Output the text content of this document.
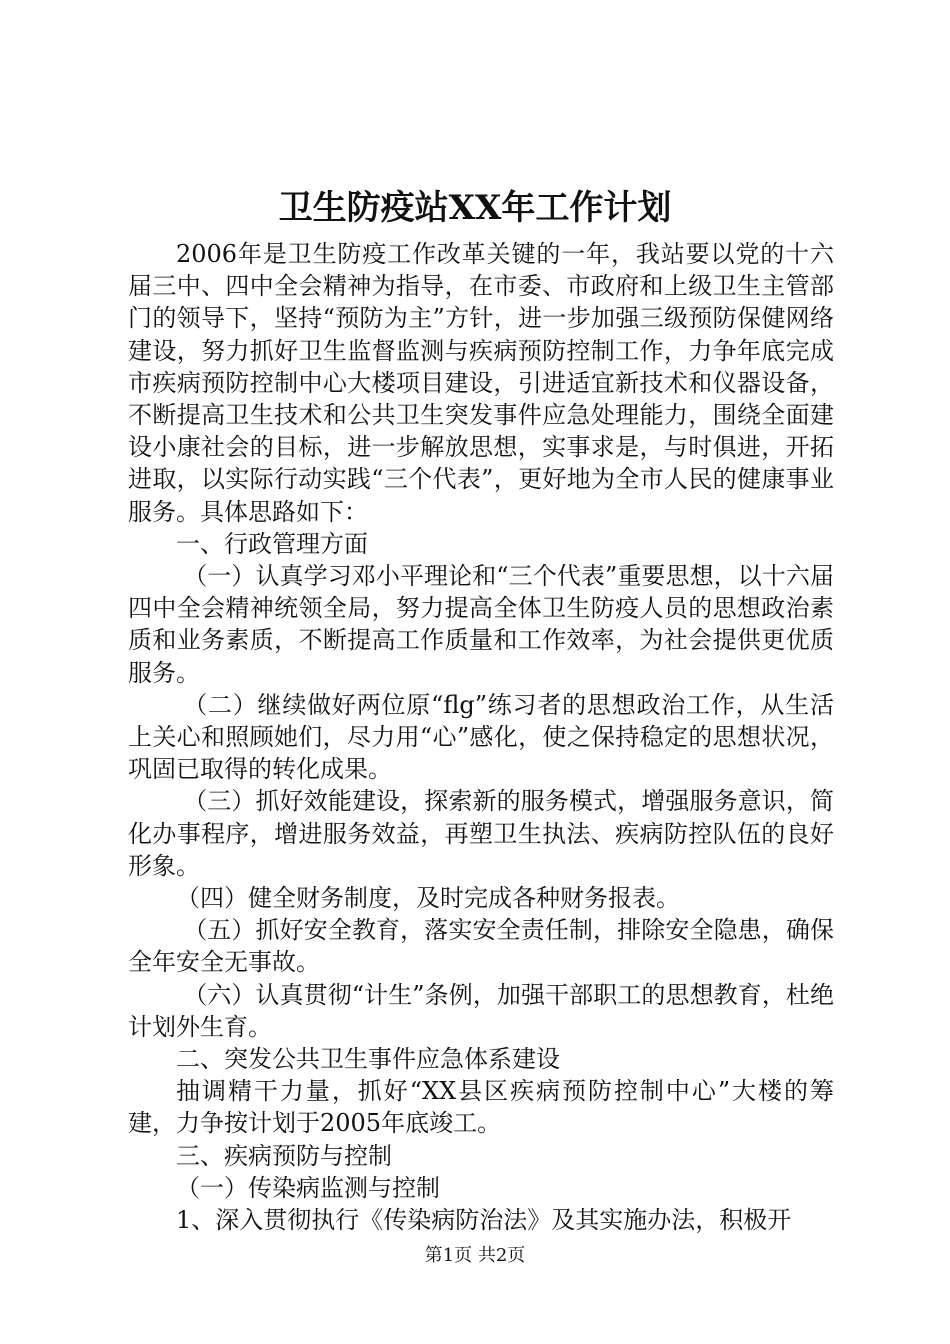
卫生防疫站XX年工作计划

2006年是卫生防疫工作改革关键的一年，我站要以党的十六届三中、四中全会精神为指导，在市委、市政府和上级卫生主管部门的领导下，坚持“预防为主”方针，进一步加强三级预防保健网络建设，努力抓好卫生监督监测与疾病预防控制工作，力争年底完成市疾病预防控制中心大楼项目建设，引进适宜新技术和仪器设备，不断提高卫生技术和公共卫生突发事件应急处理能力，围绕全面建设小康社会的目标，进一步解放思想，实事求是，与时俱进，开拓进取，以实际行动实践“三个代表”，更好地为全市人民的健康事业服务。具体思路如下：

一、行政管理方面

（一）认真学习邓小平理论和“三个代表”重要思想，以十六届四中全会精神统领全局，努力提高全体卫生防疫人员的思想政治素质和业务素质，不断提高工作质量和工作效率，为社会提供更优质服务。

（二）继续做好两位原“flg”练习者的思想政治工作，从生活上关心和照顾她们，尽力用“心”感化，使之保持稳定的思想状况，巩固已取得的转化成果。

（三）抓好效能建设，探索新的服务模式，增强服务意识，简化办事程序，增进服务效益，再塑卫生执法、疾病防控队伍的良好形象。

（四）健全财务制度，及时完成各种财务报表。

（五）抓好安全教育，落实安全责任制，排除安全隐患，确保全年安全无事故。

（六）认真贯彻“计生”条例，加强干部职工的思想教育，杜绝计划外生育。

二、突发公共卫生事件应急体系建设

抽调精干力量，抓好“XX县区疾病预防控制中心”大楼的筹建，力争按计划于2005年底竣工。

三、疾病预防与控制

（一）传染病监测与控制

1、深入贯彻执行《传染病防治法》及其实施办法，积极开

第1页 共2页
